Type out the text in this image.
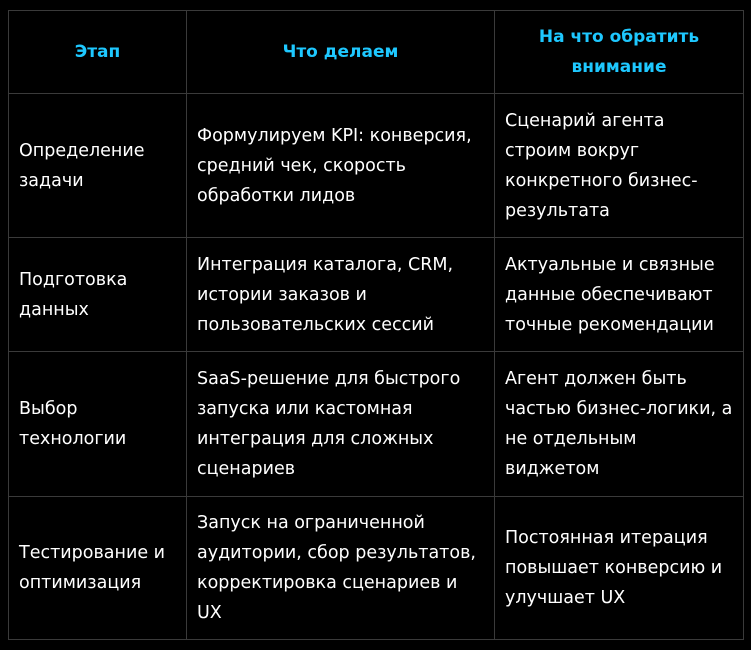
Этап	Что делаем	На что обратить внимание
Определение задачи	Формулируем KPI: конверсия, средний чек, скорость обработки лидов	Сценарий агента строим вокруг конкретного бизнес-результата
Подготовка данных	Интеграция каталога, CRM, истории заказов и пользовательских сессий	Актуальные и связные данные обеспечивают точные рекомендации
Выбор технологии	SaaS-решение для быстрого запуска или кастомная интеграция для сложных сценариев	Агент должен быть частью бизнес-логики, а не отдельным виджетом
Тестирование и оптимизация	Запуск на ограниченной аудитории, сбор результатов, корректировка сценариев и UX	Постоянная итерация повышает конверсию и улучшает UX
